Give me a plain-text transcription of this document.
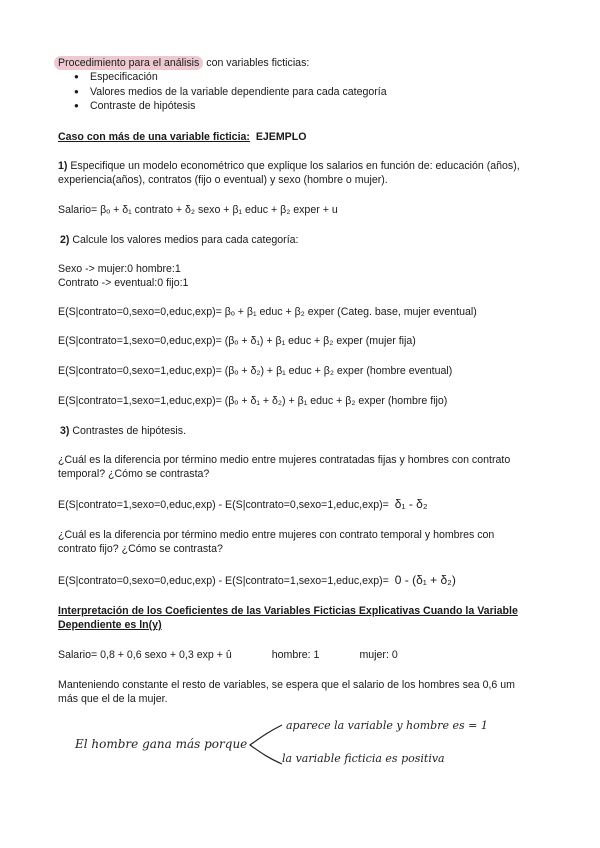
Procedimiento para el análisis con variables ficticias:
● Especificación
● Valores medios de la variable dependiente para cada categoría
● Contraste de hipótesis
Caso con más de una variable ficticia: EJEMPLO
1) Especifique un modelo econométrico que explique los salarios en función de: educación (años), experiencia(años), contratos (fijo o eventual) y sexo (hombre o mujer).
Salario= βₒ + δ₁ contrato + δ₂ sexo + β₁ educ + β₂ exper + u
2) Calcule los valores medios para cada categoría:
Sexo -> mujer:0 hombre:1
Contrato -> eventual:0 fijo:1
E(S|contrato=0,sexo=0,educ,exp)= βₒ + β₁ educ + β₂ exper (Categ. base, mujer eventual)
E(S|contrato=1,sexo=0,educ,exp)= (βₒ + δ₁) + β₁ educ + β₂ exper (mujer fija)
E(S|contrato=0,sexo=1,educ,exp)= (βₒ + δ₂) + β₁ educ + β₂ exper (hombre eventual)
E(S|contrato=1,sexo=1,educ,exp)= (βₒ + δ₁ + δ₂) + β₁ educ + β₂ exper (hombre fijo)
3) Contrastes de hipótesis.
¿Cuál es la diferencia por término medio entre mujeres contratadas fijas y hombres con contrato temporal? ¿Cómo se contrasta?
E(S|contrato=1,sexo=0,educ,exp) - E(S|contrato=0,sexo=1,educ,exp)= δ₁ - δ₂
¿Cuál es la diferencia por término medio entre mujeres con contrato temporal y hombres con contrato fijo? ¿Cómo se contrasta?
E(S|contrato=0,sexo=0,educ,exp) - E(S|contrato=1,sexo=1,educ,exp)= 0 - (δ₁ + δ₂)
Interpretación de los Coeficientes de las Variables Ficticias Explicativas Cuando la Variable
Dependiente es ln(y)
Salario= 0,8 + 0,6 sexo + 0,3 exp + û	hombre: 1	mujer: 0
Manteniendo constante el resto de variables, se espera que el salario de los hombres sea 0,6 um más que el de la mujer.
El hombre gana más porque
aparece la variable y hombre es = 1
la variable ficticia es positiva
